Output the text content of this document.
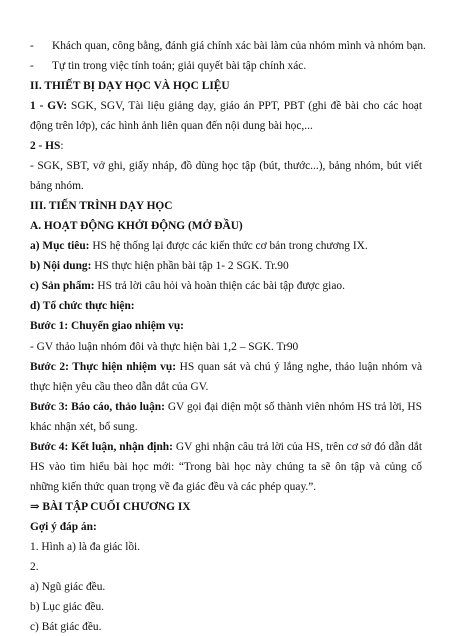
- Khách quan, công bằng, đánh giá chính xác bài làm của nhóm mình và nhóm bạn.
- Tự tin trong việc tính toán; giải quyết bài tập chính xác.
II. THIẾT BỊ DẠY HỌC VÀ HỌC LIỆU
1 - GV: SGK, SGV, Tài liệu giảng dạy, giáo án PPT, PBT (ghi đề bài cho các hoạt
động trên lớp), các hình ảnh liên quan đến nội dung bài học,...
2 - HS:
- SGK, SBT, vở ghi, giấy nháp, đồ dùng học tập (bút, thước...), bảng nhóm, bút viết
bảng nhóm.
III. TIẾN TRÌNH DẠY HỌC
A. HOẠT ĐỘNG KHỞI ĐỘNG (MỞ ĐẦU)
a) Mục tiêu: HS hệ thống lại được các kiến thức cơ bản trong chương IX.
b) Nội dung: HS thực hiện phần bài tập 1- 2 SGK. Tr.90
c) Sản phẩm: HS trả lời câu hỏi và hoàn thiện các bài tập được giao.
d) Tổ chức thực hiện:
Bước 1: Chuyển giao nhiệm vụ:
- GV thảo luận nhóm đôi và thực hiện bài 1,2 – SGK. Tr90
Bước 2: Thực hiện nhiệm vụ: HS quan sát và chú ý lắng nghe, thảo luận nhóm và
thực hiện yêu cầu theo dẫn dắt của GV.
Bước 3: Báo cáo, thảo luận: GV gọi đại diện một số thành viên nhóm HS trả lời, HS
khác nhận xét, bổ sung.
Bước 4: Kết luận, nhận định: GV ghi nhận câu trả lời của HS, trên cơ sở đó dẫn dắt
HS vào tìm hiểu bài học mới: “Trong bài học này chúng ta sẽ ôn tập và củng cố
những kiến thức quan trọng về đa giác đều và các phép quay.”.
⇒ BÀI TẬP CUỐI CHƯƠNG IX
Gợi ý đáp án:
1. Hình a) là đa giác lồi.
2.
a) Ngũ giác đều.
b) Lục giác đều.
c) Bát giác đều.
